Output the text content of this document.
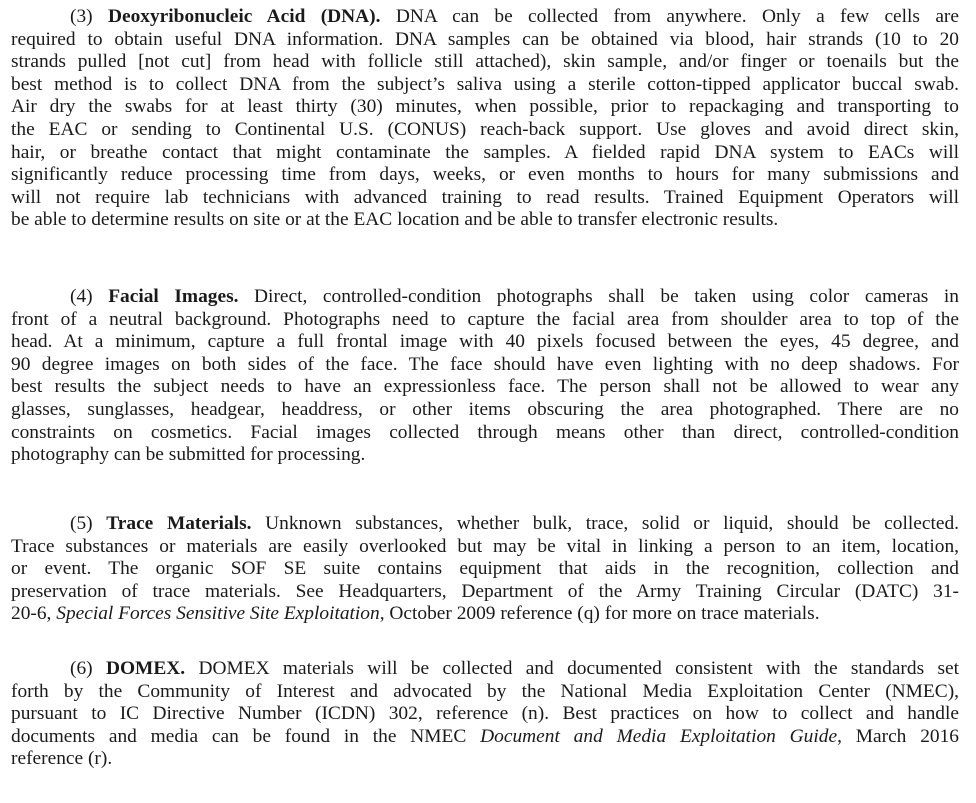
(3) Deoxyribonucleic Acid (DNA). DNA can be collected from anywhere. Only a few cells are
required to obtain useful DNA information. DNA samples can be obtained via blood, hair strands (10 to 20
strands pulled [not cut] from head with follicle still attached), skin sample, and/or finger or toenails but the
best method is to collect DNA from the subject’s saliva using a sterile cotton-tipped applicator buccal swab.
Air dry the swabs for at least thirty (30) minutes, when possible, prior to repackaging and transporting to
the EAC or sending to Continental U.S. (CONUS) reach-back support. Use gloves and avoid direct skin,
hair, or breathe contact that might contaminate the samples. A fielded rapid DNA system to EACs will
significantly reduce processing time from days, weeks, or even months to hours for many submissions and
will not require lab technicians with advanced training to read results. Trained Equipment Operators will
be able to determine results on site or at the EAC location and be able to transfer electronic results.
(4) Facial Images. Direct, controlled-condition photographs shall be taken using color cameras in
front of a neutral background. Photographs need to capture the facial area from shoulder area to top of the
head. At a minimum, capture a full frontal image with 40 pixels focused between the eyes, 45 degree, and
90 degree images on both sides of the face. The face should have even lighting with no deep shadows. For
best results the subject needs to have an expressionless face. The person shall not be allowed to wear any
glasses, sunglasses, headgear, headdress, or other items obscuring the area photographed. There are no
constraints on cosmetics. Facial images collected through means other than direct, controlled-condition
photography can be submitted for processing.
(5) Trace Materials. Unknown substances, whether bulk, trace, solid or liquid, should be collected.
Trace substances or materials are easily overlooked but may be vital in linking a person to an item, location,
or event. The organic SOF SE suite contains equipment that aids in the recognition, collection and
preservation of trace materials. See Headquarters, Department of the Army Training Circular (DATC) 31-
20-6, Special Forces Sensitive Site Exploitation, October 2009 reference (q) for more on trace materials.
(6) DOMEX. DOMEX materials will be collected and documented consistent with the standards set
forth by the Community of Interest and advocated by the National Media Exploitation Center (NMEC),
pursuant to IC Directive Number (ICDN) 302, reference (n). Best practices on how to collect and handle
documents and media can be found in the NMEC Document and Media Exploitation Guide, March 2016
reference (r).
